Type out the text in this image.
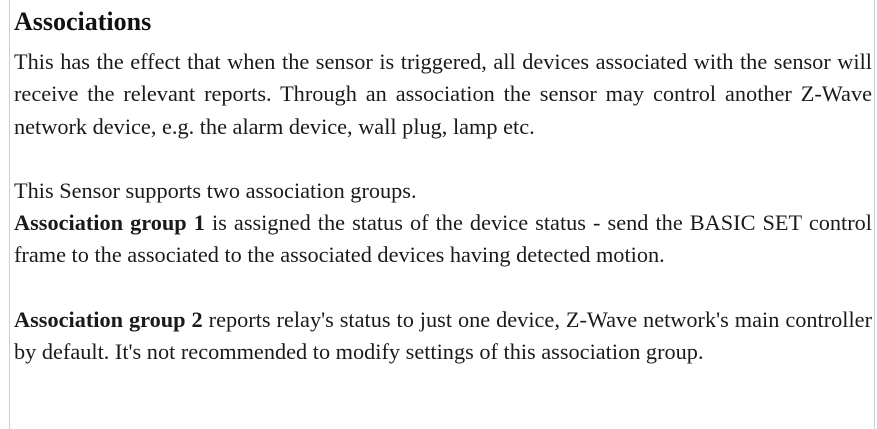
Associations

This has the effect that when the sensor is triggered, all devices associated with the sensor will receive the relevant reports. Through an association the sensor may control another Z-Wave network device, e.g. the alarm device, wall plug, lamp etc.

This Sensor supports two association groups.
Association group 1 is assigned the status of the device status - send the BASIC SET control frame to the associated to the associated devices having detected motion.

Association group 2 reports relay's status to just one device, Z-Wave network's main controller by default. It's not recommended to modify settings of this association group.
